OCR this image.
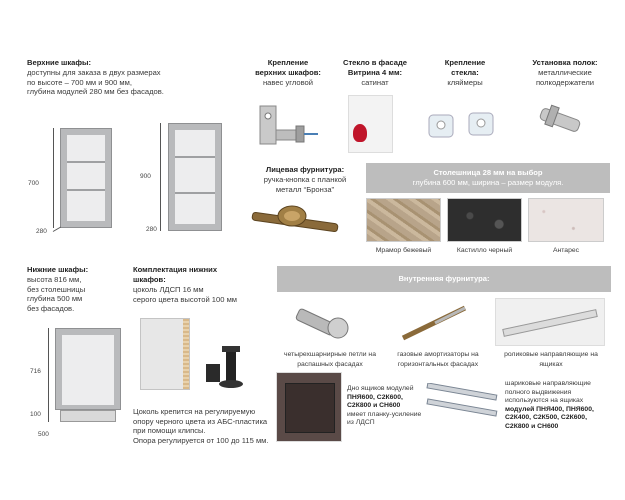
Верхние шкафы:
доступны для заказа в двух размерах
по высоте – 700 мм и 900 мм,
глубина модулей 280 мм без фасадов.
700
280
900
280
Крепление
верхних шкафов:
навес угловой
Стекло в фасаде
Витрина 4 мм:
сатинат
Крепление
стекла:
кляймеры
Установка полок:
металлические
полкодержатели
Лицевая фурнитура:
ручка-кнопка с планкой
металл “Бронза”
Столешница 28 мм на выбор
глубина 600 мм, ширина – размер модуля.
Мрамор бежевый	Кастилло черный	Антарес
Нижние шкафы:
высота 816 мм,
без столешницы
глубина 500 мм
без фасадов.
716
100
500
Комплектация нижних
шкафов:
цоколь ЛДСП 16 мм
серого цвета высотой 100 мм
Цоколь крепится на регулируемую
опору черного цвета из АБС-пластика
при помощи клипсы.
Опора регулируется от 100 до 115 мм.
Внутренняя фурнитура:
четырехшарнирные петли на
распашных фасадах
газовые амортизаторы на
горизонтальных фасадах
роликовые направляющие на
ящиках
Дно ящиков модулей
ПНЯ600, С2К600,
С2К800 и СН600
имеет планку-усиление
из ЛДСП
шариковые направляющие
полного выдвижения
используются на ящиках
модулей ПНЯ400, ПНЯ600,
С2К400, С2К500, С2К600,
С2К800 и СН600
